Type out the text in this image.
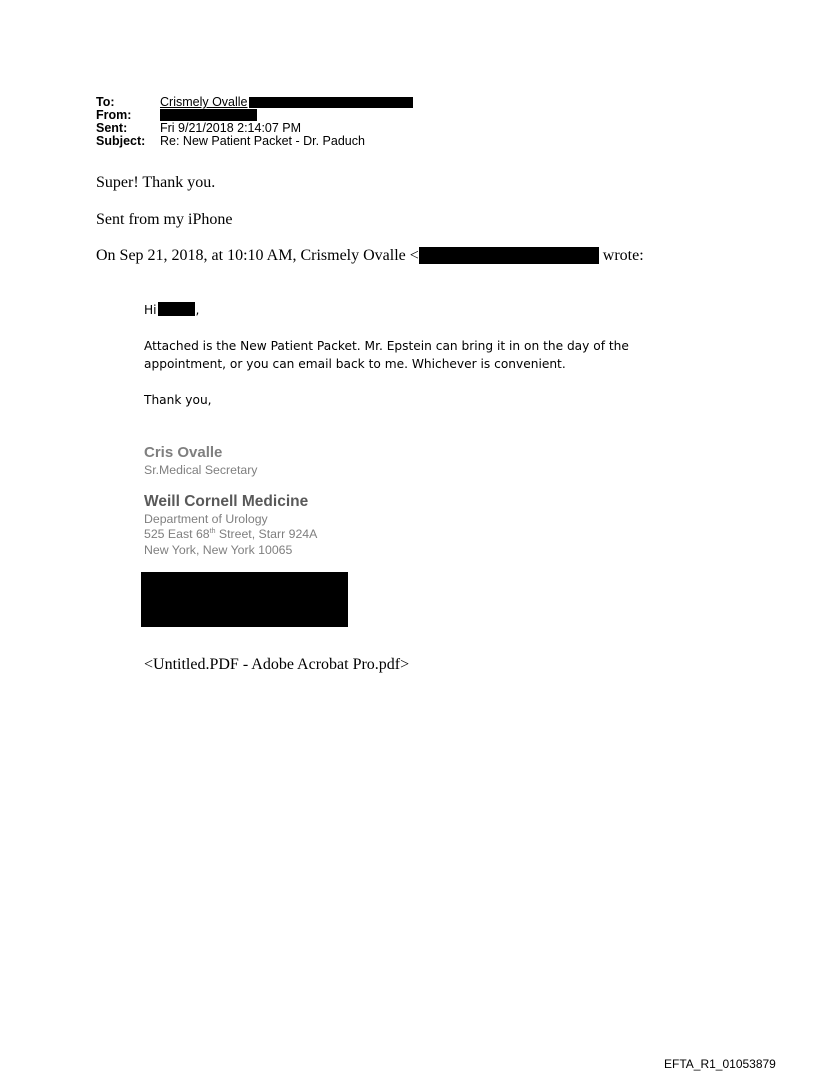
To:	Crismely Ovalle
From:
Sent:	Fri 9/21/2018 2:14:07 PM
Subject: Re: New Patient Packet - Dr. Paduch
Super! Thank you.
Sent from my iPhone
On Sep 21, 2018, at 10:10 AM, Crismely Ovalle <	wrote:
Hi	,
Attached is the New Patient Packet. Mr. Epstein can bring it in on the day of the
appointment, or you can email back to me. Whichever is convenient.
Thank you,
Cris Ovalle
Sr.Medical Secretary
Weill Cornell Medicine
Department of Urology
525 East 68th Street, Starr 924A
New York, New York 10065
<Untitled.PDF - Adobe Acrobat Pro.pdf>
EFTA_R1_01053879
